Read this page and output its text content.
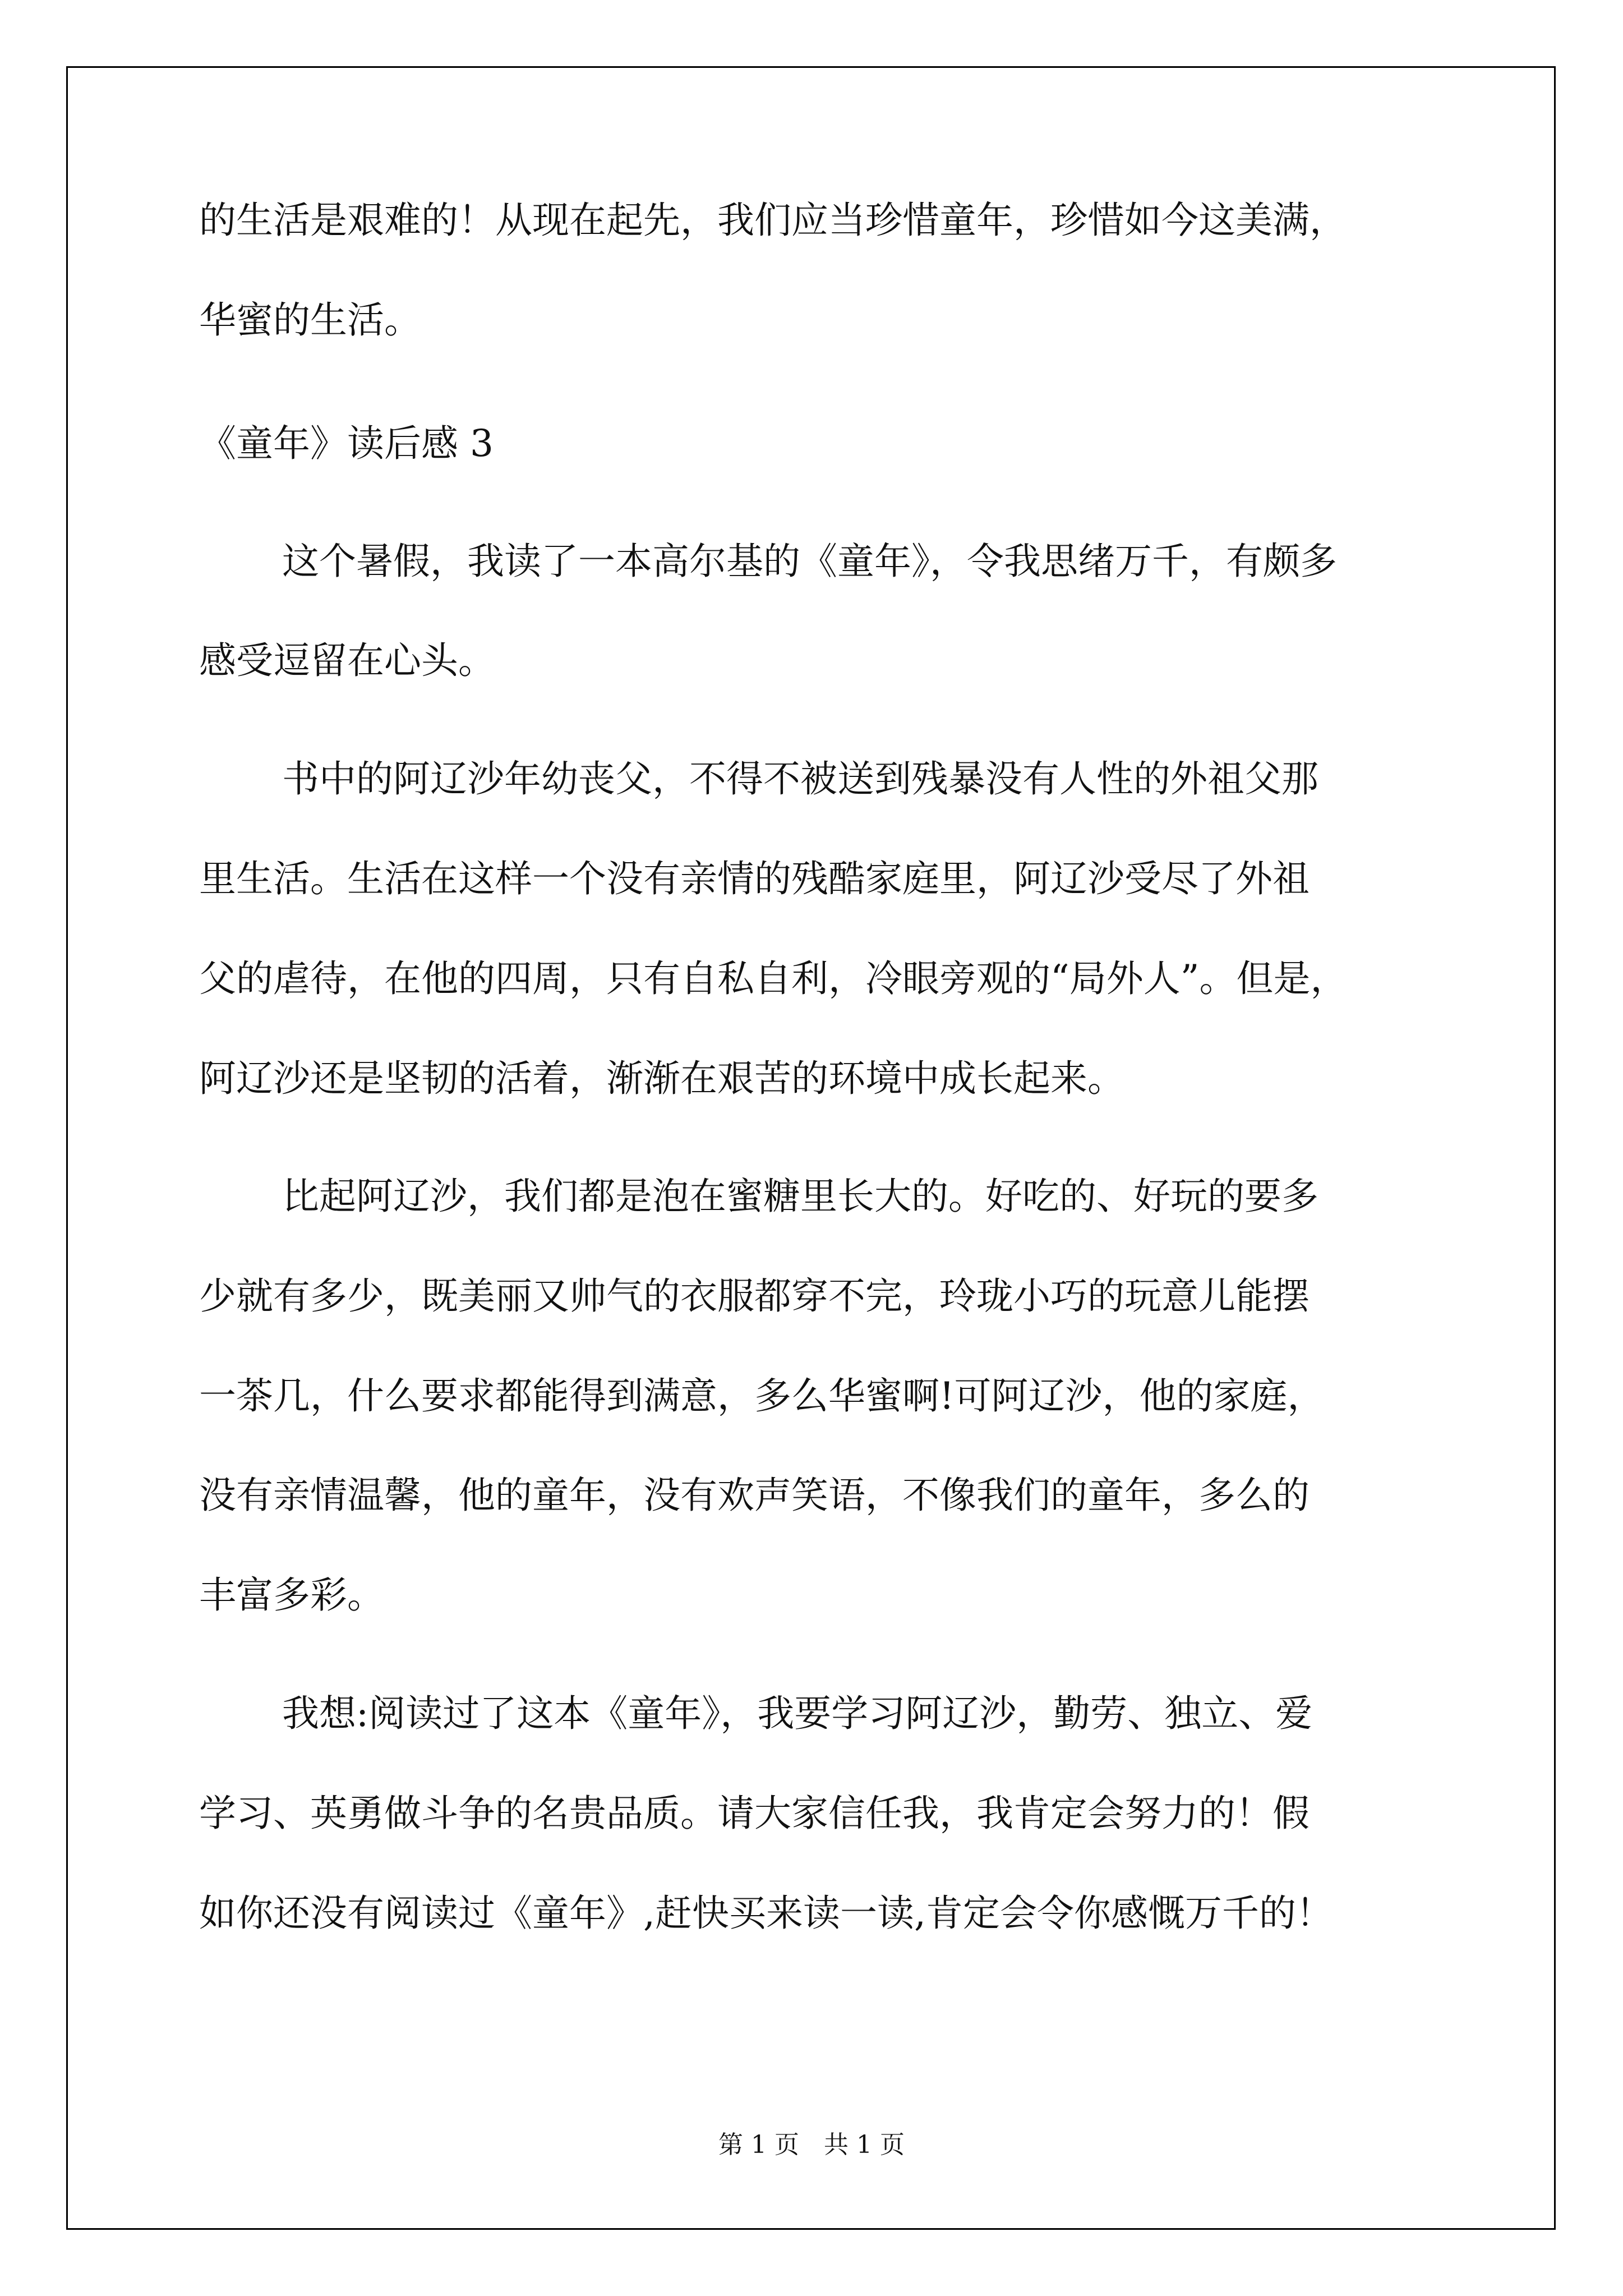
的生活是艰难的！从现在起先，我们应当珍惜童年，珍惜如今这美满，
华蜜的生活。
《童年》读后感 3
这个暑假，我读了一本高尔基的《童年》，令我思绪万千，有颇多
感受逗留在心头。
书中的阿辽沙年幼丧父，不得不被送到残暴没有人性的外祖父那
里生活。生活在这样一个没有亲情的残酷家庭里，阿辽沙受尽了外祖
父的虐待，在他的四周，只有自私自利，冷眼旁观的“局外人”。但是，
阿辽沙还是坚韧的活着，渐渐在艰苦的环境中成长起来。
比起阿辽沙，我们都是泡在蜜糖里长大的。好吃的、好玩的要多
少就有多少，既美丽又帅气的衣服都穿不完，玲珑小巧的玩意儿能摆
一茶几，什么要求都能得到满意，多么华蜜啊!可阿辽沙，他的家庭，
没有亲情温馨，他的童年，没有欢声笑语，不像我们的童年，多么的
丰富多彩。
我想:阅读过了这本《童年》，我要学习阿辽沙，勤劳、独立、爱
学习、英勇做斗争的名贵品质。请大家信任我，我肯定会努力的！假
如你还没有阅读过《童年》,赶快买来读一读,肯定会令你感慨万千的！
第 1 页　共 1 页
